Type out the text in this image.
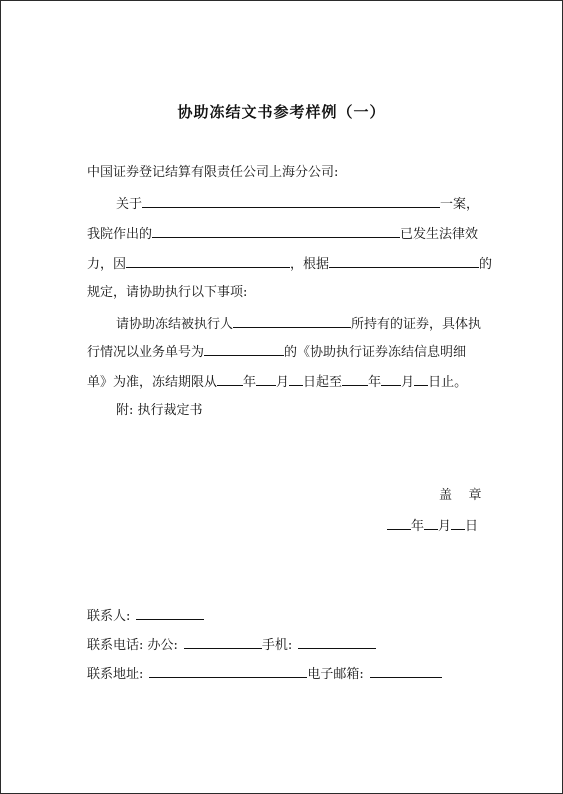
协助冻结文书参考样例（一）
中国证券登记结算有限责任公司上海分公司:
关于	一案，
我院作出的	已发生法律效
力，因	，根据	的
规定，请协助执行以下事项:
请协助冻结被执行人	所持有的证券，具体执
行情况以业务单号为	的《协助执行证券冻结信息明细
单》为准，冻结期限从 年 月 日起至 年 月 日止。
附: 执行裁定书
盖    章
年 月 日
联系人:
联系电话: 办公:	手机:
联系地址:	电子邮箱:
